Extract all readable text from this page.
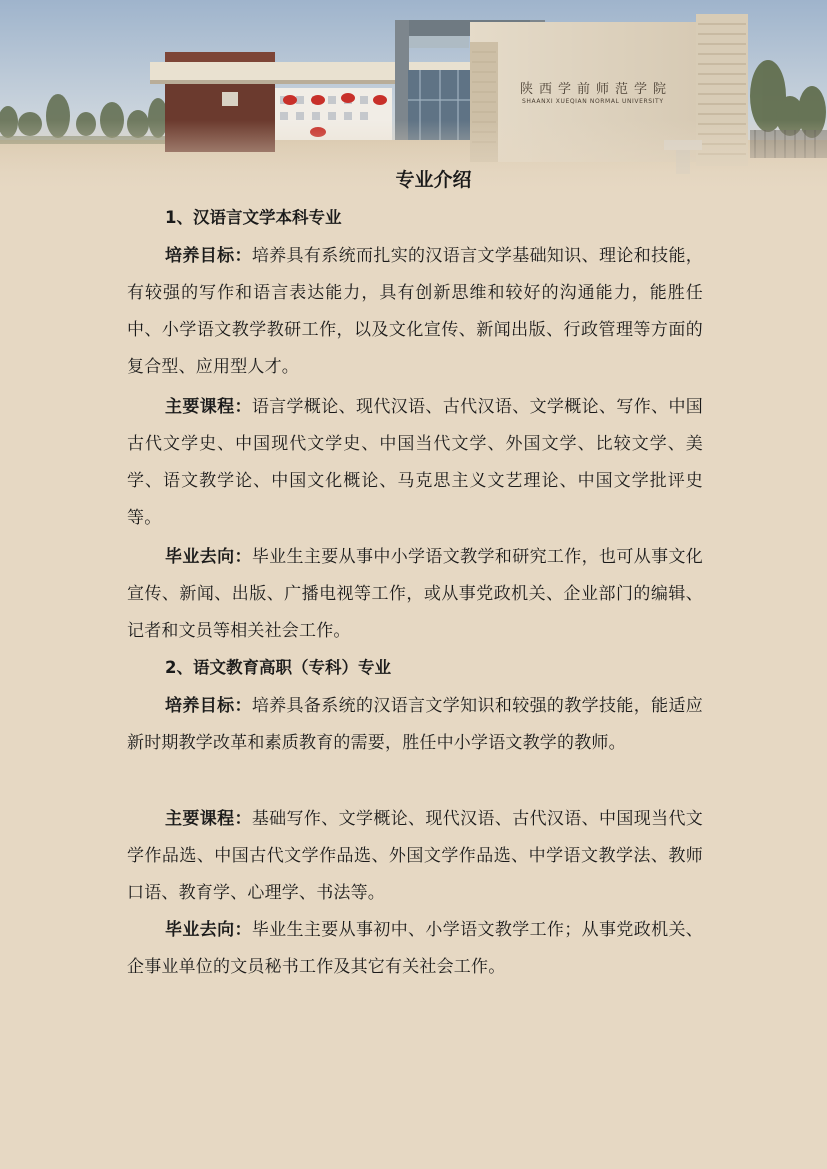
陕西学前师范学院
SHAANXI XUEQIAN NORMAL UNIVERSITY
专业介绍
1、汉语言文学本科专业

培养目标：培养具有系统而扎实的汉语言文学基础知识、理论和技能，有较强的写作和语言表达能力，具有创新思维和较好的沟通能力，能胜任中、小学语文教学教研工作，以及文化宣传、新闻出版、行政管理等方面的复合型、应用型人才。

主要课程：语言学概论、现代汉语、古代汉语、文学概论、写作、中国古代文学史、中国现代文学史、中国当代文学、外国文学、比较文学、美学、语文教学论、中国文化概论、马克思主义文艺理论、中国文学批评史等。

毕业去向：毕业生主要从事中小学语文教学和研究工作，也可从事文化宣传、新闻、出版、广播电视等工作，或从事党政机关、企业部门的编辑、记者和文员等相关社会工作。

2、语文教育高职（专科）专业

培养目标：培养具备系统的汉语言文学知识和较强的教学技能，能适应新时期教学改革和素质教育的需要，胜任中小学语文教学的教师。

主要课程：基础写作、文学概论、现代汉语、古代汉语、中国现当代文学作品选、中国古代文学作品选、外国文学作品选、中学语文教学法、教师口语、教育学、心理学、书法等。

毕业去向：毕业生主要从事初中、小学语文教学工作；从事党政机关、企事业单位的文员秘书工作及其它有关社会工作。
